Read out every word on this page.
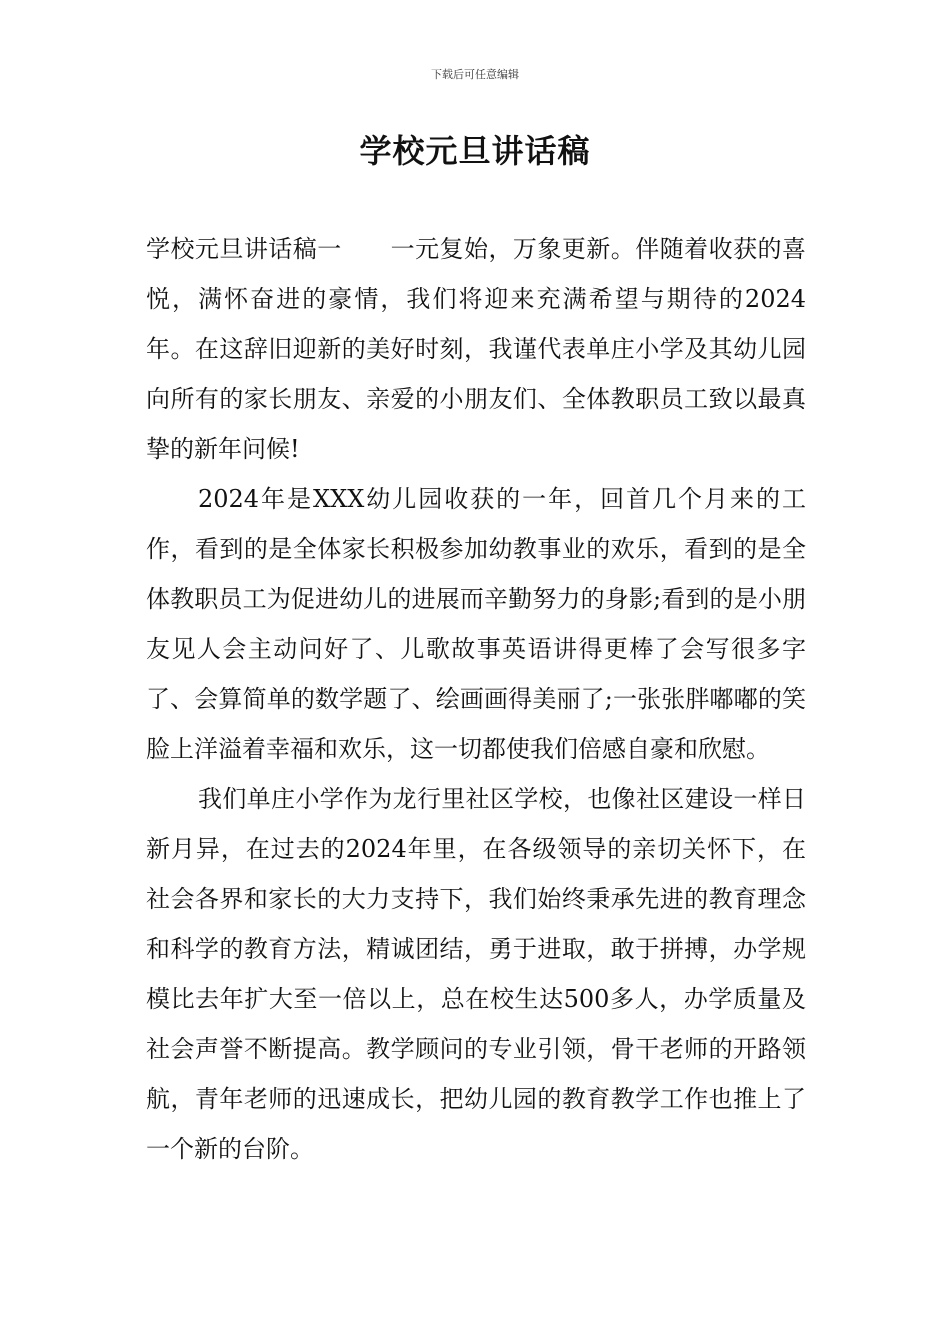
下载后可任意编辑
学校元旦讲话稿

学校元旦讲话稿一　　一元复始，万象更新。伴随着收获的喜悦，满怀奋进的豪情，我们将迎来充满希望与期待的2024年。在这辞旧迎新的美好时刻，我谨代表单庄小学及其幼儿园向所有的家长朋友、亲爱的小朋友们、全体教职员工致以最真挚的新年问候!

2024年是XXX幼儿园收获的一年，回首几个月来的工作，看到的是全体家长积极参加幼教事业的欢乐，看到的是全体教职员工为促进幼儿的进展而辛勤努力的身影;看到的是小朋友见人会主动问好了、儿歌故事英语讲得更棒了会写很多字了、会算简单的数学题了、绘画画得美丽了;一张张胖嘟嘟的笑脸上洋溢着幸福和欢乐，这一切都使我们倍感自豪和欣慰。

我们单庄小学作为龙行里社区学校，也像社区建设一样日新月异，在过去的2024年里，在各级领导的亲切关怀下，在社会各界和家长的大力支持下，我们始终秉承先进的教育理念和科学的教育方法，精诚团结，勇于进取，敢于拼搏，办学规模比去年扩大至一倍以上，总在校生达500多人，办学质量及社会声誉不断提高。教学顾问的专业引领，骨干老师的开路领航，青年老师的迅速成长，把幼儿园的教育教学工作也推上了一个新的台阶。
